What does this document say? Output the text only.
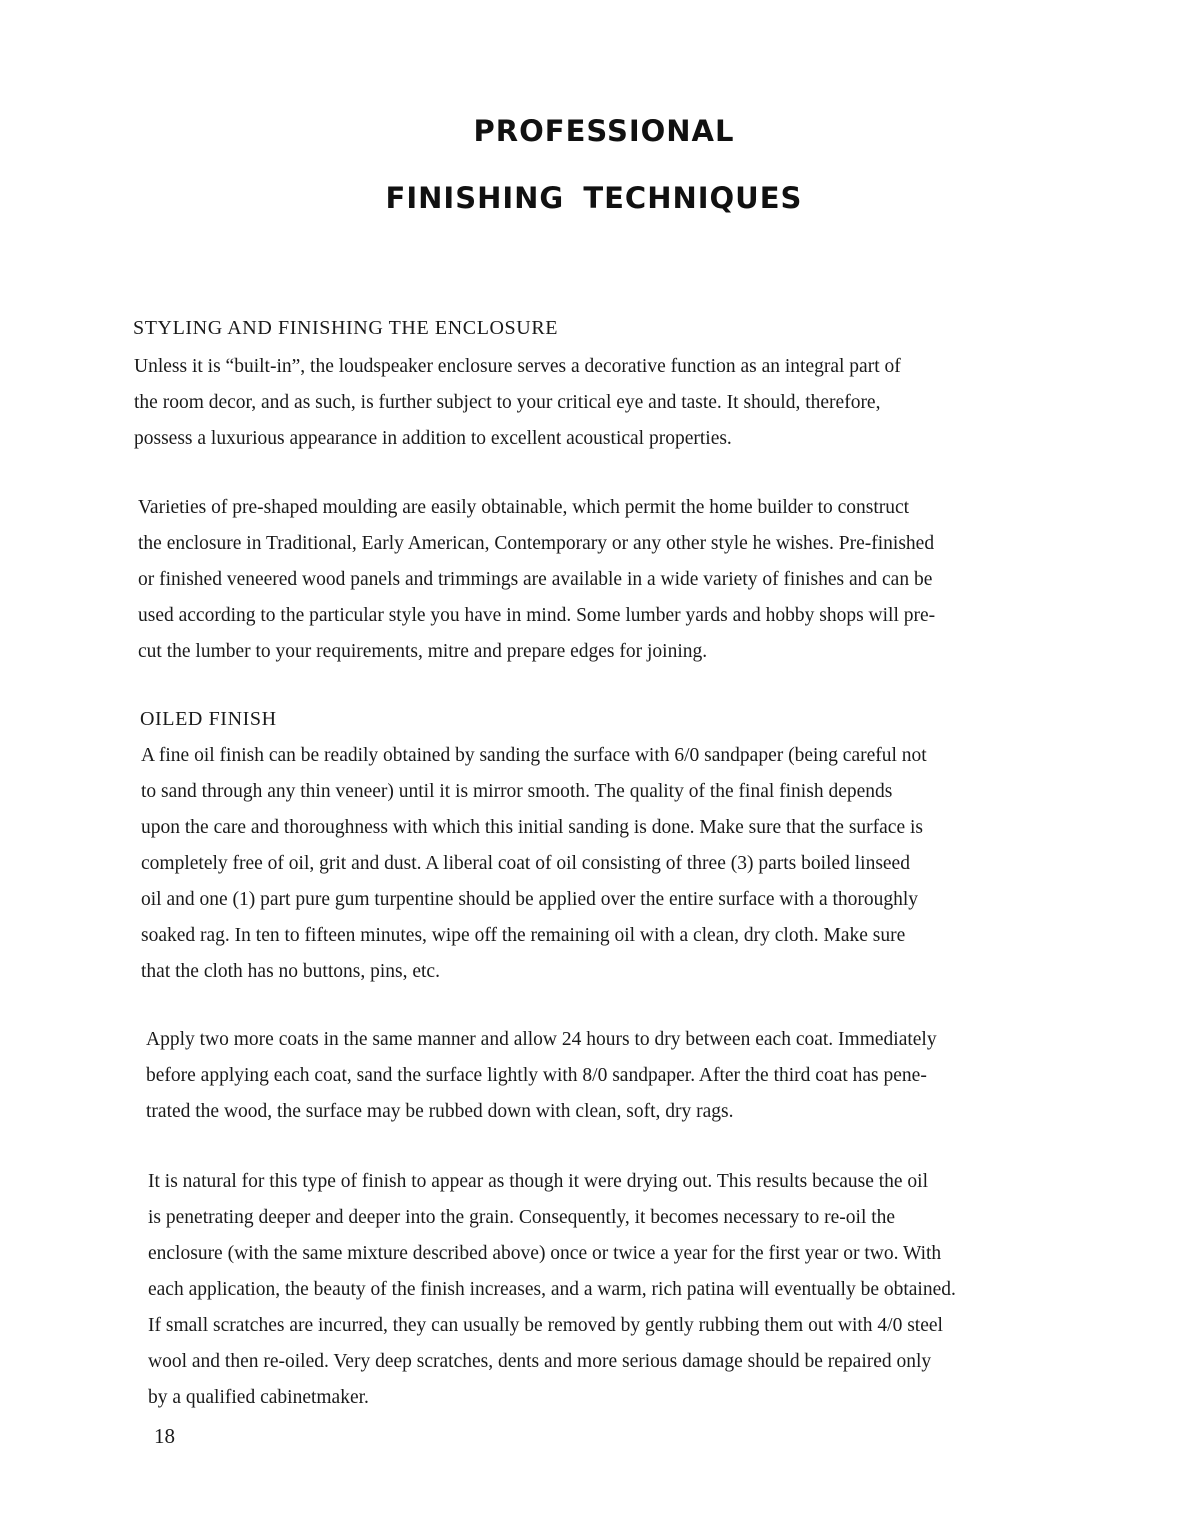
PROFESSIONAL
FINISHING TECHNIQUES
STYLING AND FINISHING THE ENCLOSURE

Unless it is “built-in”, the loudspeaker enclosure serves a decorative function as an integral part of
the room decor, and as such, is further subject to your critical eye and taste. It should, therefore,
possess a luxurious appearance in addition to excellent acoustical properties.

Varieties of pre-shaped moulding are easily obtainable, which permit the home builder to construct
the enclosure in Traditional, Early American, Contemporary or any other style he wishes. Pre-finished
or finished veneered wood panels and trimmings are available in a wide variety of finishes and can be
used according to the particular style you have in mind. Some lumber yards and hobby shops will pre-
cut the lumber to your requirements, mitre and prepare edges for joining.

OILED FINISH

A fine oil finish can be readily obtained by sanding the surface with 6/0 sandpaper (being careful not
to sand through any thin veneer) until it is mirror smooth. The quality of the final finish depends
upon the care and thoroughness with which this initial sanding is done. Make sure that the surface is
completely free of oil, grit and dust. A liberal coat of oil consisting of three (3) parts boiled linseed
oil and one (1) part pure gum turpentine should be applied over the entire surface with a thoroughly
soaked rag. In ten to fifteen minutes, wipe off the remaining oil with a clean, dry cloth. Make sure
that the cloth has no buttons, pins, etc.

Apply two more coats in the same manner and allow 24 hours to dry between each coat. Immediately
before applying each coat, sand the surface lightly with 8/0 sandpaper. After the third coat has pene-
trated the wood, the surface may be rubbed down with clean, soft, dry rags.

It is natural for this type of finish to appear as though it were drying out. This results because the oil
is penetrating deeper and deeper into the grain. Consequently, it becomes necessary to re-oil the
enclosure (with the same mixture described above) once or twice a year for the first year or two. With
each application, the beauty of the finish increases, and a warm, rich patina will eventually be obtained.
If small scratches are incurred, they can usually be removed by gently rubbing them out with 4/0 steel
wool and then re-oiled. Very deep scratches, dents and more serious damage should be repaired only
by a qualified cabinetmaker.

18
